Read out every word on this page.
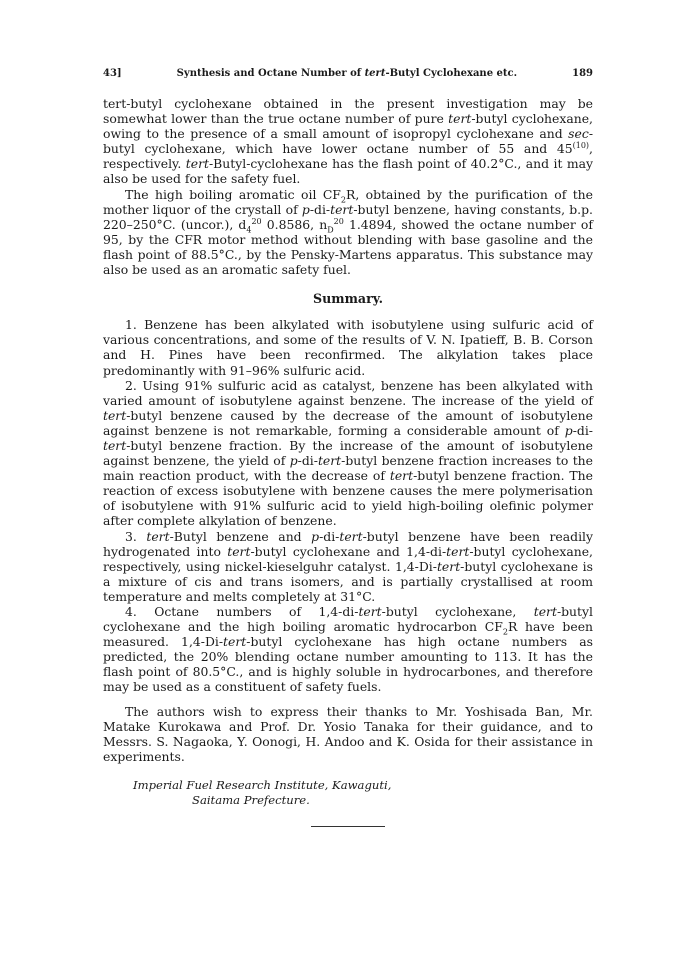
43]	Synthesis and Octane Number of tert-Butyl Cyclohexane etc.	189

tert-butyl cyclohexane obtained in the present investigation may be somewhat lower than the true octane number of pure tert-butyl cyclohexane, owing to the presence of a small amount of isopropyl cyclohexane and sec-butyl cyclohexane, which have lower octane number of 55 and 45$^{(10)}$, respectively. tert-Butyl-cyclohexane has the flash point of 40.2°C., and it may also be used for the safety fuel.

The high boiling aromatic oil $CF_2R$, obtained by the purification of the mother liquor of the crystall of p-di-tert-butyl benzene, having constants, b.p. 220–250°C. (uncor.), $d_4^{20}$ 0.8586, $n_D^{20}$ 1.4894, showed the octane number of 95, by the CFR motor method without blending with base gasoline and the flash point of 88.5°C., by the Pensky-Martens apparatus. This substance may also be used as an aromatic safety fuel.

Summary.

1. Benzene has been alkylated with isobutylene using sulfuric acid of various concentrations, and some of the results of V. N. Ipatieff, B. B. Corson and H. Pines have been reconfirmed. The alkylation takes place predominantly with 91–96% sulfuric acid.

2. Using 91% sulfuric acid as catalyst, benzene has been alkylated with varied amount of isobutylene against benzene. The increase of the yield of tert-butyl benzene caused by the decrease of the amount of isobutylene against benzene is not remarkable, forming a considerable amount of p-di-tert-butyl benzene fraction. By the increase of the amount of isobutylene against benzene, the yield of p-di-tert-butyl benzene fraction increases to the main reaction product, with the decrease of tert-butyl benzene fraction. The reaction of excess isobutylene with benzene causes the mere polymerisation of isobutylene with 91% sulfuric acid to yield high-boiling olefinic polymer after complete alkylation of benzene.

3. tert-Butyl benzene and p-di-tert-butyl benzene have been readily hydrogenated into tert-butyl cyclohexane and 1,4-di-tert-butyl cyclohexane, respectively, using nickel-kieselguhr catalyst. 1,4-Di-tert-butyl cyclohexane is a mixture of cis and trans isomers, and is partially crystallised at room temperature and melts completely at 31°C.

4. Octane numbers of 1,4-di-tert-butyl cyclohexane, tert-butyl cyclohexane and the high boiling aromatic hydrocarbon $CF_2R$ have been measured. 1,4-Di-tert-butyl cyclohexane has high octane numbers as predicted, the 20% blending octane number amounting to 113. It has the flash point of 80.5°C., and is highly soluble in hydrocarbones, and therefore may be used as a constituent of safety fuels.

The authors wish to express their thanks to Mr. Yoshisada Ban, Mr. Matake Kurokawa and Prof. Dr. Yosio Tanaka for their guidance, and to Messrs. S. Nagaoka, Y. Oonogi, H. Andoo and K. Osida for their assistance in experiments.

Imperial Fuel Research Institute, Kawaguti,
Saitama Prefecture.
